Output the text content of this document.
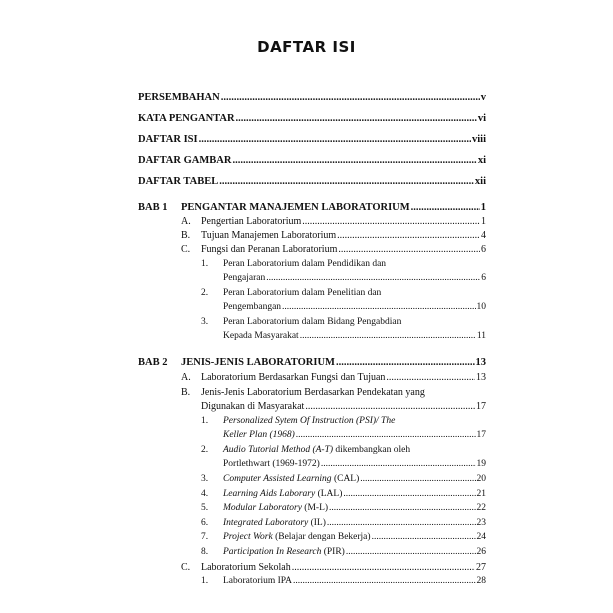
DAFTAR ISI
PERSEMBAHAN .....	v
KATA PENGANTAR .....	vi
DAFTAR ISI .....	viii
DAFTAR GAMBAR .....	xi
DAFTAR TABEL .....	xii
BAB 1 PENGANTAR MANAJEMEN LABORATORIUM .....	1
A. Pengertian Laboratorium .....	1
B. Tujuan Manajemen Laboratorium .....	4
C. Fungsi dan Peranan Laboratorium .....	6
1. Peran Laboratorium dalam Pendidikan dan
Pengajaran .....	6
2. Peran Laboratorium dalam Penelitian dan
Pengembangan .....	10
3. Peran Laboratorium dalam Bidang Pengabdian
Kepada Masyarakat .....	11
BAB 2 JENIS-JENIS LABORATORIUM .....	13
A. Laboratorium Berdasarkan Fungsi dan Tujuan .....	13
B. Jenis-Jenis Laboratorium Berdasarkan Pendekatan yang
Digunakan di Masyarakat .....	17
1. Personalized Sytem Of Instruction (PSI)/ The
Keller Plan (1968) .....	17
2. Audio Tutorial Method (A-T) dikembangkan oleh
Portlethwart (1969-1972) .....	19
3. Computer Assisted Learning (CAL) .....	20
4. Learning Aids Laborary (LAL) .....	21
5. Modular Laboratory (M-L) .....	22
6. Integrated Laboratory (IL) .....	23
7. Project Work (Belajar dengan Bekerja) .....	24
8. Participation In Research (PIR) .....	26
C. Laboratorium Sekolah .....	27
1. Laboratorium IPA .....	28
